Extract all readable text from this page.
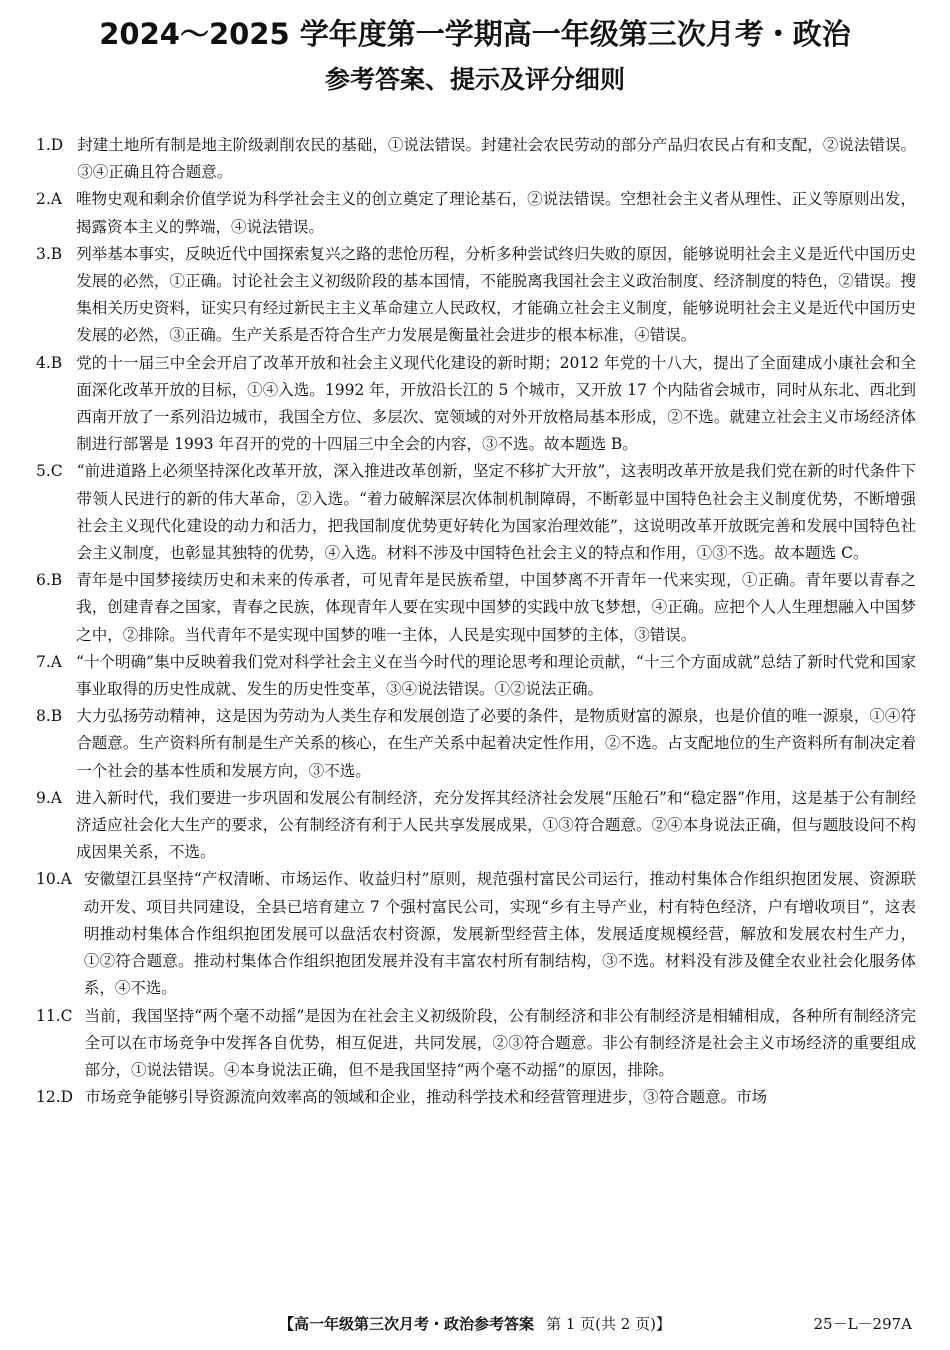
2024～2025 学年度第一学期高一年级第三次月考・政治
参考答案、提示及评分细则
1.D 封建土地所有制是地主阶级剥削农民的基础，①说法错误。封建社会农民劳动的部分产品归农民占有和支配，②说法错误。③④正确且符合题意。
2.A 唯物史观和剩余价值学说为科学社会主义的创立奠定了理论基石，②说法错误。空想社会主义者从理性、正义等原则出发，揭露资本主义的弊端，④说法错误。
3.B 列举基本事实，反映近代中国探索复兴之路的悲怆历程，分析多种尝试终归失败的原因，能够说明社会主义是近代中国历史发展的必然，①正确。讨论社会主义初级阶段的基本国情，不能脱离我国社会主义政治制度、经济制度的特色，②错误。搜集相关历史资料，证实只有经过新民主主义革命建立人民政权，才能确立社会主义制度，能够说明社会主义是近代中国历史发展的必然，③正确。生产关系是否符合生产力发展是衡量社会进步的根本标准，④错误。
4.B 党的十一届三中全会开启了改革开放和社会主义现代化建设的新时期；2012 年党的十八大，提出了全面建成小康社会和全面深化改革开放的目标，①④入选。1992 年，开放沿长江的 5 个城市，又开放 17 个内陆省会城市，同时从东北、西北到西南开放了一系列沿边城市，我国全方位、多层次、宽领域的对外开放格局基本形成，②不选。就建立社会主义市场经济体制进行部署是 1993 年召开的党的十四届三中全会的内容，③不选。故本题选 B。
5.C “前进道路上必须坚持深化改革开放，深入推进改革创新，坚定不移扩大开放”，这表明改革开放是我们党在新的时代条件下带领人民进行的新的伟大革命，②入选。“着力破解深层次体制机制障碍，不断彰显中国特色社会主义制度优势，不断增强社会主义现代化建设的动力和活力，把我国制度优势更好转化为国家治理效能”，这说明改革开放既完善和发展中国特色社会主义制度，也彰显其独特的优势，④入选。材料不涉及中国特色社会主义的特点和作用，①③不选。故本题选 C。
6.B 青年是中国梦接续历史和未来的传承者，可见青年是民族希望，中国梦离不开青年一代来实现，①正确。青年要以青春之我，创建青春之国家，青春之民族，体现青年人要在实现中国梦的实践中放飞梦想，④正确。应把个人人生理想融入中国梦之中，②排除。当代青年不是实现中国梦的唯一主体，人民是实现中国梦的主体，③错误。
7.A “十个明确”集中反映着我们党对科学社会主义在当今时代的理论思考和理论贡献，“十三个方面成就”总结了新时代党和国家事业取得的历史性成就、发生的历史性变革，③④说法错误。①②说法正确。
8.B 大力弘扬劳动精神，这是因为劳动为人类生存和发展创造了必要的条件，是物质财富的源泉，也是价值的唯一源泉，①④符合题意。生产资料所有制是生产关系的核心，在生产关系中起着决定性作用，②不选。占支配地位的生产资料所有制决定着一个社会的基本性质和发展方向，③不选。
9.A 进入新时代，我们要进一步巩固和发展公有制经济，充分发挥其经济社会发展“压舱石”和“稳定器”作用，这是基于公有制经济适应社会化大生产的要求，公有制经济有利于人民共享发展成果，①③符合题意。②④本身说法正确，但与题肢设问不构成因果关系，不选。
10.A 安徽望江县坚持“产权清晰、市场运作、收益归村”原则，规范强村富民公司运行，推动村集体合作组织抱团发展、资源联动开发、项目共同建设，全县已培育建立 7 个强村富民公司，实现“乡有主导产业，村有特色经济，户有增收项目”，这表明推动村集体合作组织抱团发展可以盘活农村资源，发展新型经营主体，发展适度规模经营，解放和发展农村生产力，①②符合题意。推动村集体合作组织抱团发展并没有丰富农村所有制结构，③不选。材料没有涉及健全农业社会化服务体系，④不选。
11.C 当前，我国坚持“两个毫不动摇”是因为在社会主义初级阶段，公有制经济和非公有制经济是相辅相成，各种所有制经济完全可以在市场竞争中发挥各自优势，相互促进，共同发展，②③符合题意。非公有制经济是社会主义市场经济的重要组成部分，①说法错误。④本身说法正确，但不是我国坚持“两个毫不动摇”的原因，排除。
12.D 市场竞争能够引导资源流向效率高的领域和企业，推动科学技术和经营管理进步，③符合题意。市场
【高一年级第三次月考・政治参考答案 第 1 页(共 2 页)】	25－L－297A
